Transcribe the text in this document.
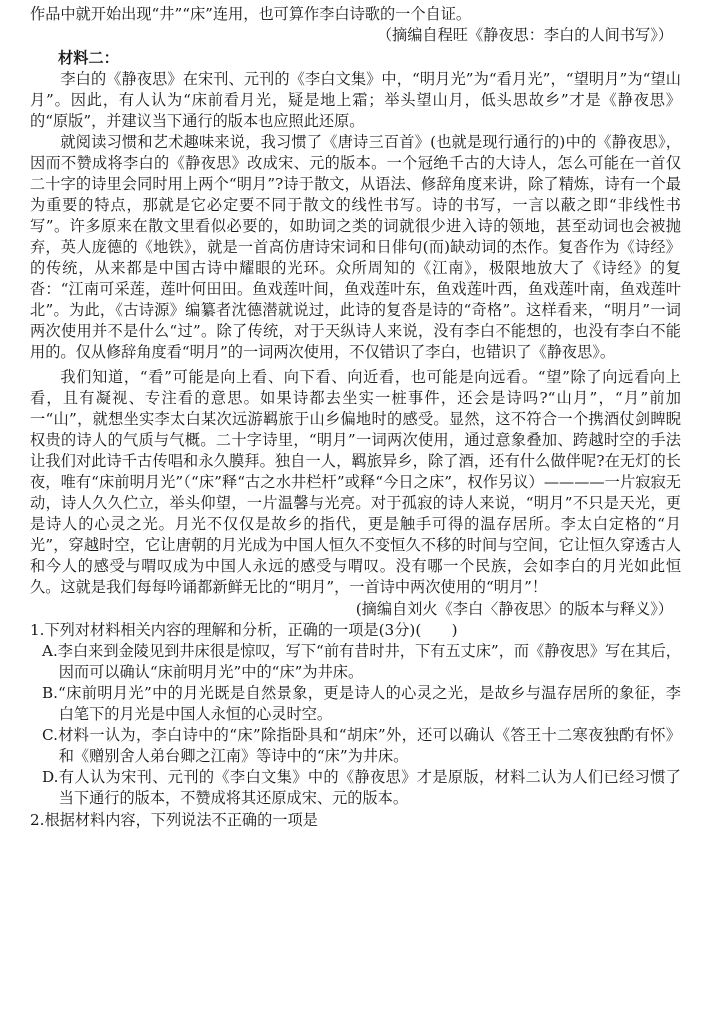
作品中就开始出现“井”“床”连用，也可算作李白诗歌的一个自证。

（摘编自程旺《静夜思：李白的人间书写》）

材料二：

李白的《静夜思》在宋刊、元刊的《李白文集》中，“明月光”为“看月光”，“望明月”为“望山月”。因此，有人认为“床前看月光，疑是地上霜；举头望山月，低头思故乡”才是《静夜思》的“原版”，并建议当下通行的版本也应照此还原。

就阅读习惯和艺术趣味来说，我习惯了《唐诗三百首》(也就是现行通行的)中的《静夜思》，因而不赞成将李白的《静夜思》改成宋、元的版本。一个冠绝千古的大诗人，怎么可能在一首仅二十字的诗里会同时用上两个“明月”?诗于散文，从语法、修辞角度来讲，除了精炼，诗有一个最为重要的特点，那就是它必定要不同于散文的线性书写。诗的书写，一言以蔽之即“非线性书写”。许多原来在散文里看似必要的，如助词之类的词就很少进入诗的领地，甚至动词也会被抛弃，英人庞德的《地铁》，就是一首高仿唐诗宋词和日俳句(而)缺动词的杰作。复沓作为《诗经》的传统，从来都是中国古诗中耀眼的光环。众所周知的《江南》，极限地放大了《诗经》的复沓：“江南可采莲，莲叶何田田。鱼戏莲叶间，鱼戏莲叶东，鱼戏莲叶西，鱼戏莲叶南，鱼戏莲叶北”。为此，《古诗源》编纂者沈德潜就说过，此诗的复沓是诗的“奇格”。这样看来，“明月”一词两次使用并不是什么“过”。除了传统，对于天纵诗人来说，没有李白不能想的，也没有李白不能用的。仅从修辞角度看“明月”的一词两次使用，不仅错识了李白，也错识了《静夜思》。

我们知道，“看”可能是向上看、向下看、向近看，也可能是向远看。“望”除了向远看向上看，且有凝视、专注看的意思。如果诗都去坐实一桩事件，还会是诗吗?“山月”，“月”前加一“山”，就想坐实李太白某次远游羁旅于山乡偏地时的感受。显然，这不符合一个携酒仗剑睥睨权贵的诗人的气质与气概。二十字诗里，“明月”一词两次使用，通过意象叠加、跨越时空的手法让我们对此诗千古传唱和永久膜拜。独自一人，羁旅异乡，除了酒，还有什么做伴呢?在无灯的长夜，唯有“床前明月光”（“床”释“古之水井栏杆”或释“今日之床”，权作另议）————一片寂寂无动，诗人久久伫立，举头仰望，一片温馨与光亮。对于孤寂的诗人来说，“明月”不只是天光，更是诗人的心灵之光。月光不仅仅是故乡的指代，更是触手可得的温存居所。李太白定格的“月光”，穿越时空，它让唐朝的月光成为中国人恒久不变恒久不移的时间与空间，它让恒久穿透古人和今人的感受与喟叹成为中国人永远的感受与喟叹。没有哪一个民族，会如李白的月光如此恒久。这就是我们每每吟诵都新鲜无比的“明月”，一首诗中两次使用的“明月”！

(摘编自刘火《李白〈静夜思〉的版本与释义》）

1.下列对材料相关内容的理解和分析，正确的一项是(3分)(　　)

A.李白来到金陵见到井床很是惊叹，写下“前有昔时井，下有五丈床”，而《静夜思》写在其后，因而可以确认“床前明月光”中的“床”为井床。

B.“床前明月光”中的月光既是自然景象，更是诗人的心灵之光，是故乡与温存居所的象征，李白笔下的月光是中国人永恒的心灵时空。

C.材料一认为，李白诗中的“床”除指卧具和“胡床”外，还可以确认《答王十二寒夜独酌有怀》和《赠别舍人弟台卿之江南》等诗中的“床”为井床。

D.有人认为宋刊、元刊的《李白文集》中的《静夜思》才是原版，材料二认为人们已经习惯了当下通行的版本，不赞成将其还原成宋、元的版本。

2.根据材料内容，下列说法不正确的一项是
